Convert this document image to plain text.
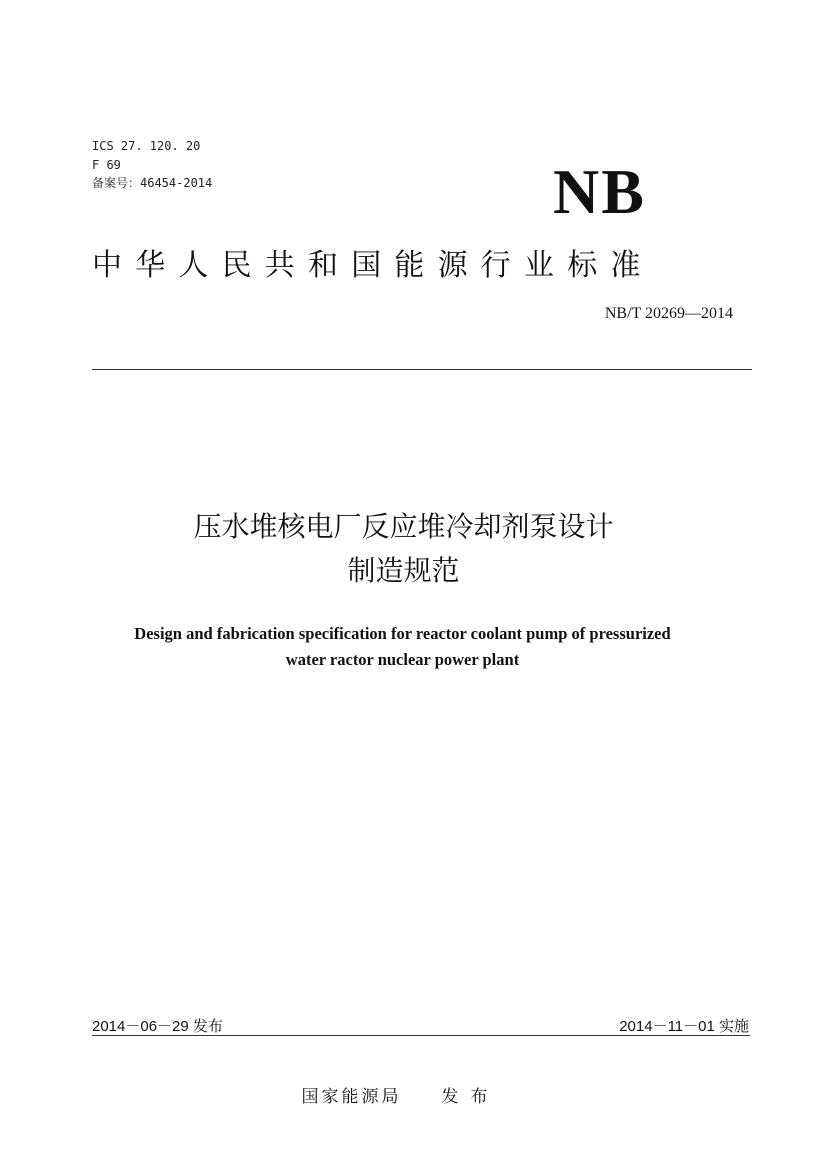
ICS 27. 120. 20
F 69
备案号：46454-2014	NB
中华人民共和国能源行业标准
NB/T 20269—2014
压水堆核电厂反应堆冷却剂泵设计
制造规范
Design and fabrication specification for reactor coolant pump of pressurized
water ractor nuclear power plant
2014－06－29 发布	2014－11－01 实施
国家能源局 发布
